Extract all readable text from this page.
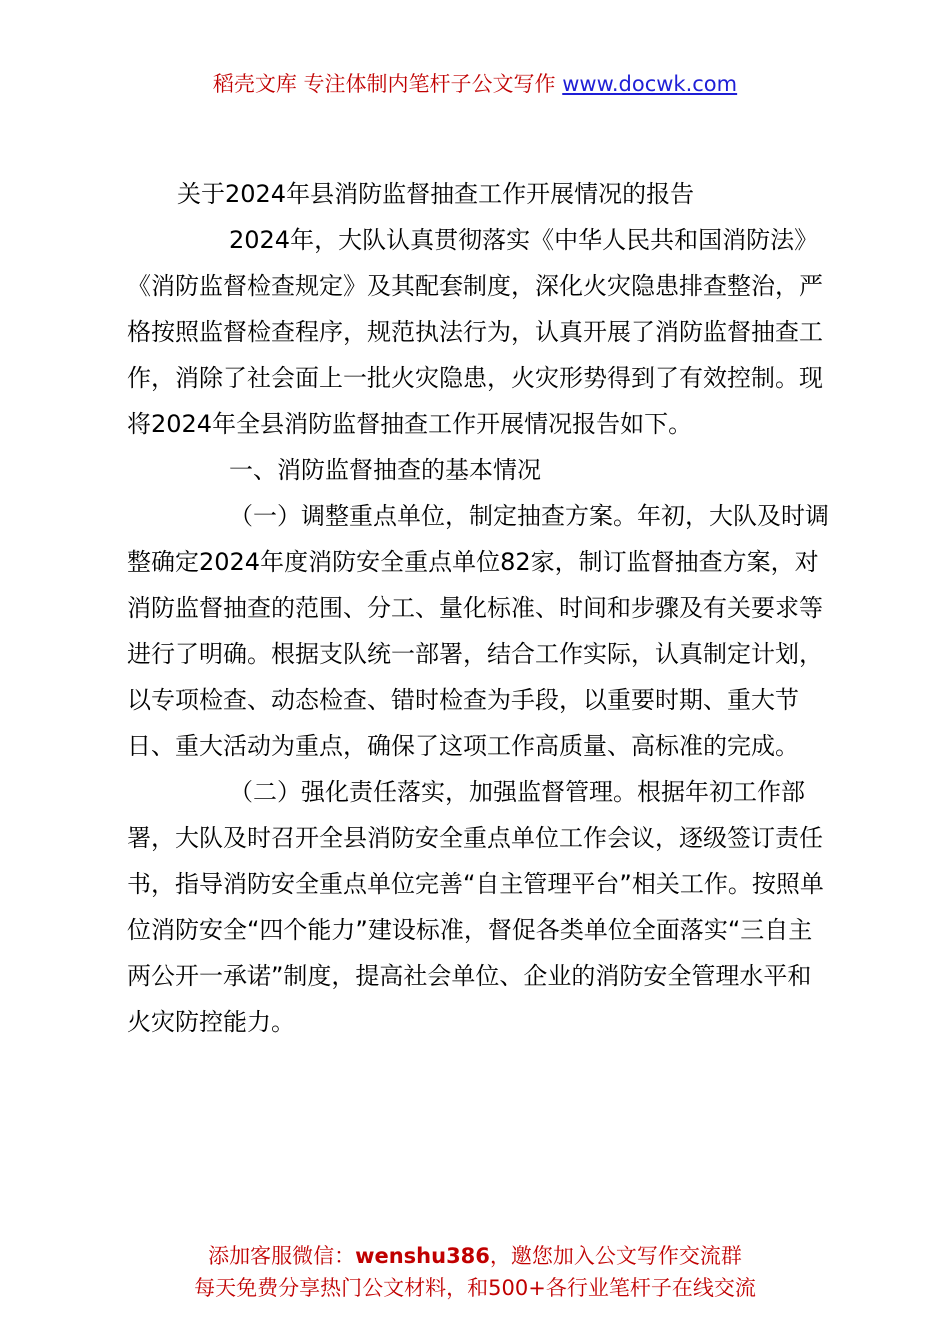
稻壳文库 专注体制内笔杆子公文写作 www.docwk.com
关于2024年县消防监督抽查工作开展情况的报告

2024年，大队认真贯彻落实《中华人民共和国消防法》《消防监督检查规定》及其配套制度，深化火灾隐患排查整治，严格按照监督检查程序，规范执法行为，认真开展了消防监督抽查工作，消除了社会面上一批火灾隐患，火灾形势得到了有效控制。现将2024年全县消防监督抽查工作开展情况报告如下。

一、消防监督抽查的基本情况

（一）调整重点单位，制定抽查方案。年初，大队及时调整确定2024年度消防安全重点单位82家，制订监督抽查方案，对消防监督抽查的范围、分工、量化标准、时间和步骤及有关要求等进行了明确。根据支队统一部署，结合工作实际，认真制定计划，以专项检查、动态检查、错时检查为手段，以重要时期、重大节日、重大活动为重点，确保了这项工作高质量、高标准的完成。

（二）强化责任落实，加强监督管理。根据年初工作部署，大队及时召开全县消防安全重点单位工作会议，逐级签订责任书，指导消防安全重点单位完善“自主管理平台”相关工作。按照单位消防安全“四个能力”建设标准，督促各类单位全面落实“三自主两公开一承诺”制度，提高社会单位、企业的消防安全管理水平和火灾防控能力。

添加客服微信：wenshu386，邀您加入公文写作交流群
每天免费分享热门公文材料，和500+各行业笔杆子在线交流
